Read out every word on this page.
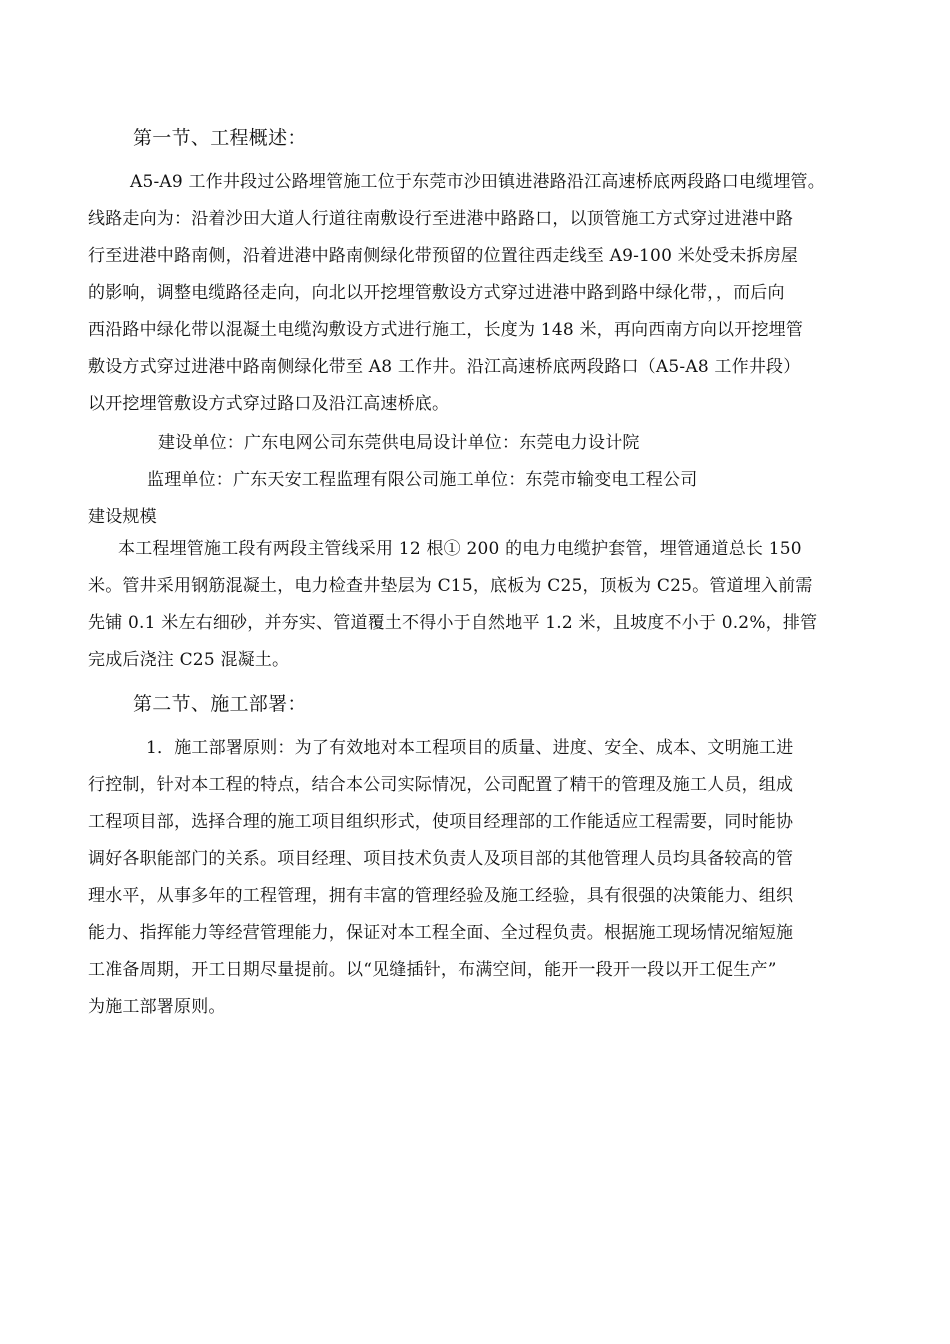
第一节、工程概述：
A5-A9 工作井段过公路埋管施工位于东莞市沙田镇进港路沿江高速桥底两段路口电缆埋管。
线路走向为：沿着沙田大道人行道往南敷设行至进港中路路口，以顶管施工方式穿过进港中路
行至进港中路南侧，沿着进港中路南侧绿化带预留的位置往西走线至 A9-100 米处受未拆房屋
的影响，调整电缆路径走向，向北以开挖埋管敷设方式穿过进港中路到路中绿化带，，而后向
西沿路中绿化带以混凝土电缆沟敷设方式进行施工，长度为 148 米，再向西南方向以开挖埋管
敷设方式穿过进港中路南侧绿化带至 A8 工作井。沿江高速桥底两段路口（A5-A8 工作井段）
以开挖埋管敷设方式穿过路口及沿江高速桥底。
建设单位：广东电网公司东莞供电局设计单位：东莞电力设计院
监理单位：广东天安工程监理有限公司施工单位：东莞市输变电工程公司
建设规模
本工程埋管施工段有两段主管线采用 12 根① 200 的电力电缆护套管，埋管通道总长 150
米。管井采用钢筋混凝土，电力检查井垫层为 C15，底板为 C25，顶板为 C25。管道埋入前需
先铺 0.1 米左右细砂，并夯实、管道覆土不得小于自然地平 1.2 米，且坡度不小于 0.2%，排管
完成后浇注 C25 混凝土。
第二节、施工部署：
1．施工部署原则：为了有效地对本工程项目的质量、进度、安全、成本、文明施工进
行控制，针对本工程的特点，结合本公司实际情况，公司配置了精干的管理及施工人员，组成
工程项目部，选择合理的施工项目组织形式，使项目经理部的工作能适应工程需要，同时能协
调好各职能部门的关系。项目经理、项目技术负责人及项目部的其他管理人员均具备较高的管
理水平，从事多年的工程管理，拥有丰富的管理经验及施工经验，具有很强的决策能力、组织
能力、指挥能力等经营管理能力，保证对本工程全面、全过程负责。根据施工现场情况缩短施
工准备周期，开工日期尽量提前。以“见缝插针，布满空间，能开一段开一段以开工促生产”
为施工部署原则。
